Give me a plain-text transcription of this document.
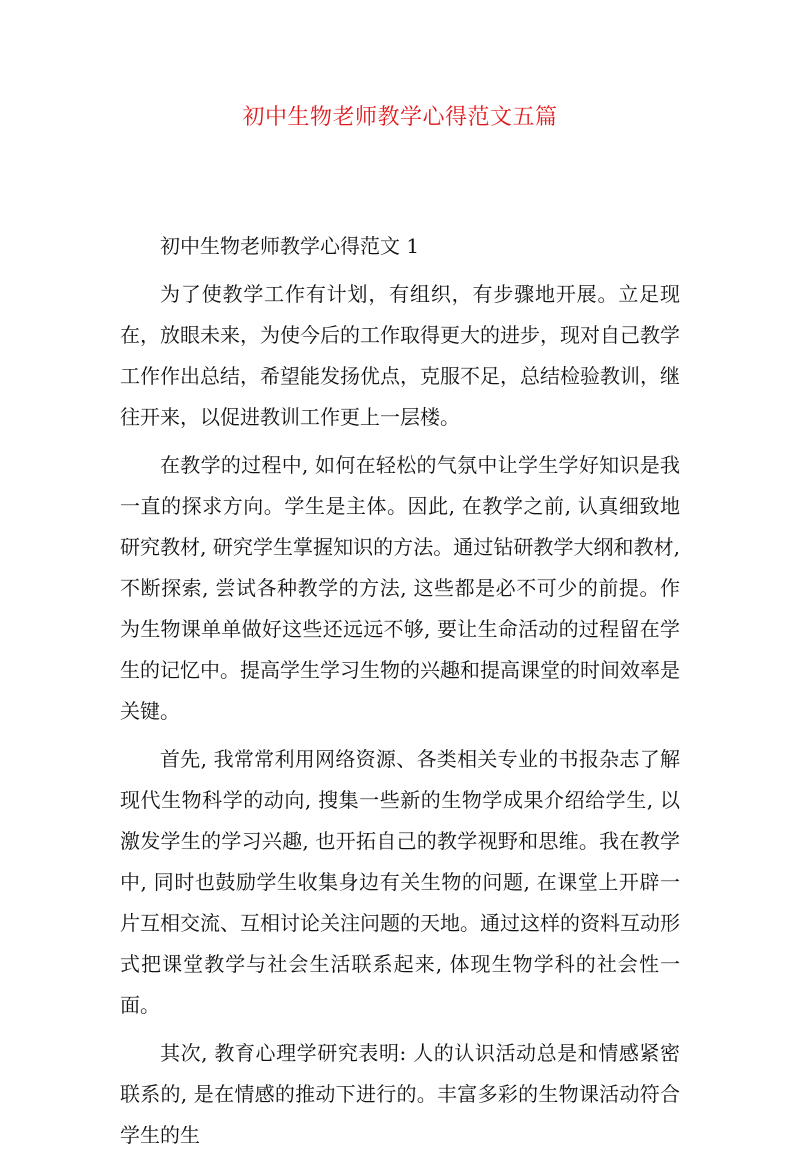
初中生物老师教学心得范文五篇

初中生物老师教学心得范文 1

为了使教学工作有计划，有组织，有步骤地开展。立足现在，放眼未来，为使今后的工作取得更大的进步，现对自己教学工作作出总结，希望能发扬优点，克服不足，总结检验教训，继往开来，以促进教训工作更上一层楼。

在教学的过程中, 如何在轻松的气氛中让学生学好知识是我一直的探求方向。学生是主体。因此, 在教学之前, 认真细致地研究教材, 研究学生掌握知识的方法。通过钻研教学大纲和教材, 不断探索, 尝试各种教学的方法, 这些都是必不可少的前提。作为生物课单单做好这些还远远不够, 要让生命活动的过程留在学生的记忆中。提高学生学习生物的兴趣和提高课堂的时间效率是关键。

首先, 我常常利用网络资源、各类相关专业的书报杂志了解现代生物科学的动向, 搜集一些新的生物学成果介绍给学生, 以激发学生的学习兴趣, 也开拓自己的教学视野和思维。我在教学中, 同时也鼓励学生收集身边有关生物的问题, 在课堂上开辟一片互相交流、互相讨论关注问题的天地。通过这样的资料互动形式把课堂教学与社会生活联系起来, 体现生物学科的社会性一面。

其次, 教育心理学研究表明: 人的认识活动总是和情感紧密联系的, 是在情感的推动下进行的。丰富多彩的生物课活动符合学生的生
